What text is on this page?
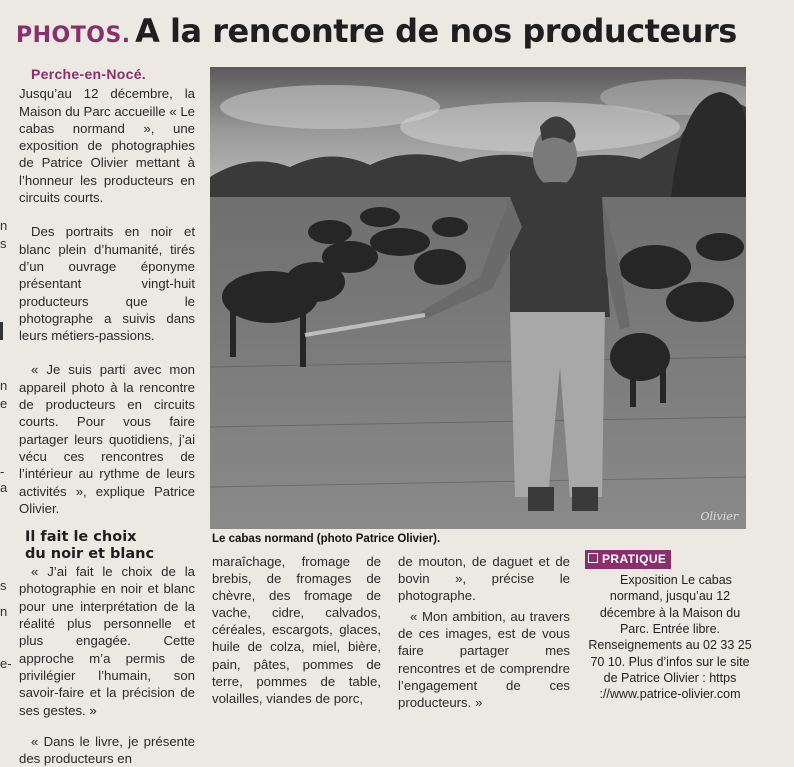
PHOTOS. A la rencontre de nos producteurs
n
s
n
e
-
a
s
n
e-

Perche-en-Nocé.
Jusqu’au 12 décembre, la Maison du Parc accueille « Le cabas normand », une exposition de photographies de Patrice Olivier mettant à l’honneur les producteurs en circuits courts.

Des portraits en noir et blanc plein d’humanité, tirés d’un ouvrage éponyme présentant vingt-huit producteurs que le photographe a suivis dans leurs métiers-passions.

« Je suis parti avec mon appareil photo à la rencontre de producteurs en circuits courts. Pour vous faire partager leurs quotidiens, j’ai vécu ces rencontres de l’intérieur au rythme de leurs activités », explique Patrice Olivier.

Il fait le choix

du noir et blanc

« J’ai fait le choix de la photographie en noir et blanc pour une interprétation de la réalité plus personnelle et plus engagée. Cette approche m’a permis de privilégier l’humain, son savoir-faire et la précision de ses gestes. »

« Dans le livre, je présente des producteurs en

Olivier
Le cabas normand (photo Patrice Olivier).

maraîchage, fromage de brebis, de fromages de chèvre, des fromage de vache, cidre, calvados, céréales, escargots, glaces, huile de colza, miel, bière, pain, pâtes, pommes de terre, pommes de table, volailles, viandes de porc,

de mouton, de daguet et de bovin », précise le photographe.

« Mon ambition, au travers de ces images, est de vous faire partager mes rencontres et de comprendre l’engagement de ces producteurs. »

PRATIQUE

Exposition Le cabas normand, jusqu’au 12 décembre à la Maison du Parc. Entrée libre. Renseignements au 02 33 25 70 10. Plus d’infos sur le site de Patrice Olivier : https ://www.patrice-olivier.com
